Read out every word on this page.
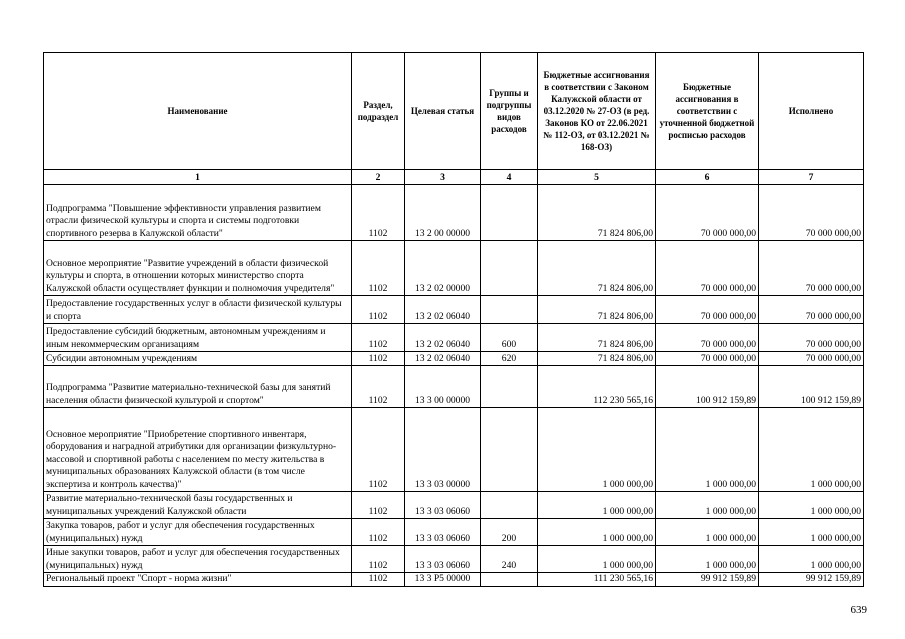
Наименование	Раздел, подраздел	Целевая статья	Группы и подгруппы видов расходов	Бюджетные ассигнования в соответствии с Законом Калужской области от 03.12.2020 № 27-ОЗ (в ред. Законов КО от 22.06.2021 № 112-ОЗ, от 03.12.2021 № 168-ОЗ)	Бюджетные ассигнования в соответствии с уточненной бюджетной росписью расходов	Исполнено
1	2	3	4	5	6	7
Подпрограмма "Повышение эффективности управления развитием отрасли физической культуры и спорта и системы подготовки спортивного резерва в Калужской области"	1102	13 2 00 00000		71 824 806,00	70 000 000,00	70 000 000,00
Основное мероприятие "Развитие учреждений в области физической культуры и спорта, в отношении которых министерство спорта Калужской области осуществляет функции и полномочия учредителя"	1102	13 2 02 00000		71 824 806,00	70 000 000,00	70 000 000,00
Предоставление государственных услуг в области физической культуры и спорта	1102	13 2 02 06040		71 824 806,00	70 000 000,00	70 000 000,00
Предоставление субсидий бюджетным, автономным учреждениям и иным некоммерческим организациям	1102	13 2 02 06040	600	71 824 806,00	70 000 000,00	70 000 000,00
Субсидии автономным учреждениям	1102	13 2 02 06040	620	71 824 806,00	70 000 000,00	70 000 000,00
Подпрограмма "Развитие материально-технической базы для занятий населения области физической культурой и спортом"	1102	13 3 00 00000		112 230 565,16	100 912 159,89	100 912 159,89
Основное мероприятие "Приобретение спортивного инвентаря, оборудования и наградной атрибутики для организации физкультурно-массовой и спортивной работы с населением по месту жительства в муниципальных образованиях Калужской области (в том числе экспертиза и контроль качества)"	1102	13 3 03 00000		1 000 000,00	1 000 000,00	1 000 000,00
Развитие материально-технической базы государственных и муниципальных учреждений Калужской области	1102	13 3 03 06060		1 000 000,00	1 000 000,00	1 000 000,00
Закупка товаров, работ и услуг для обеспечения государственных (муниципальных) нужд	1102	13 3 03 06060	200	1 000 000,00	1 000 000,00	1 000 000,00
Иные закупки товаров, работ и услуг для обеспечения государственных (муниципальных) нужд	1102	13 3 03 06060	240	1 000 000,00	1 000 000,00	1 000 000,00
Региональный проект "Спорт - норма жизни"	1102	13 3 P5 00000		111 230 565,16	99 912 159,89	99 912 159,89
639
